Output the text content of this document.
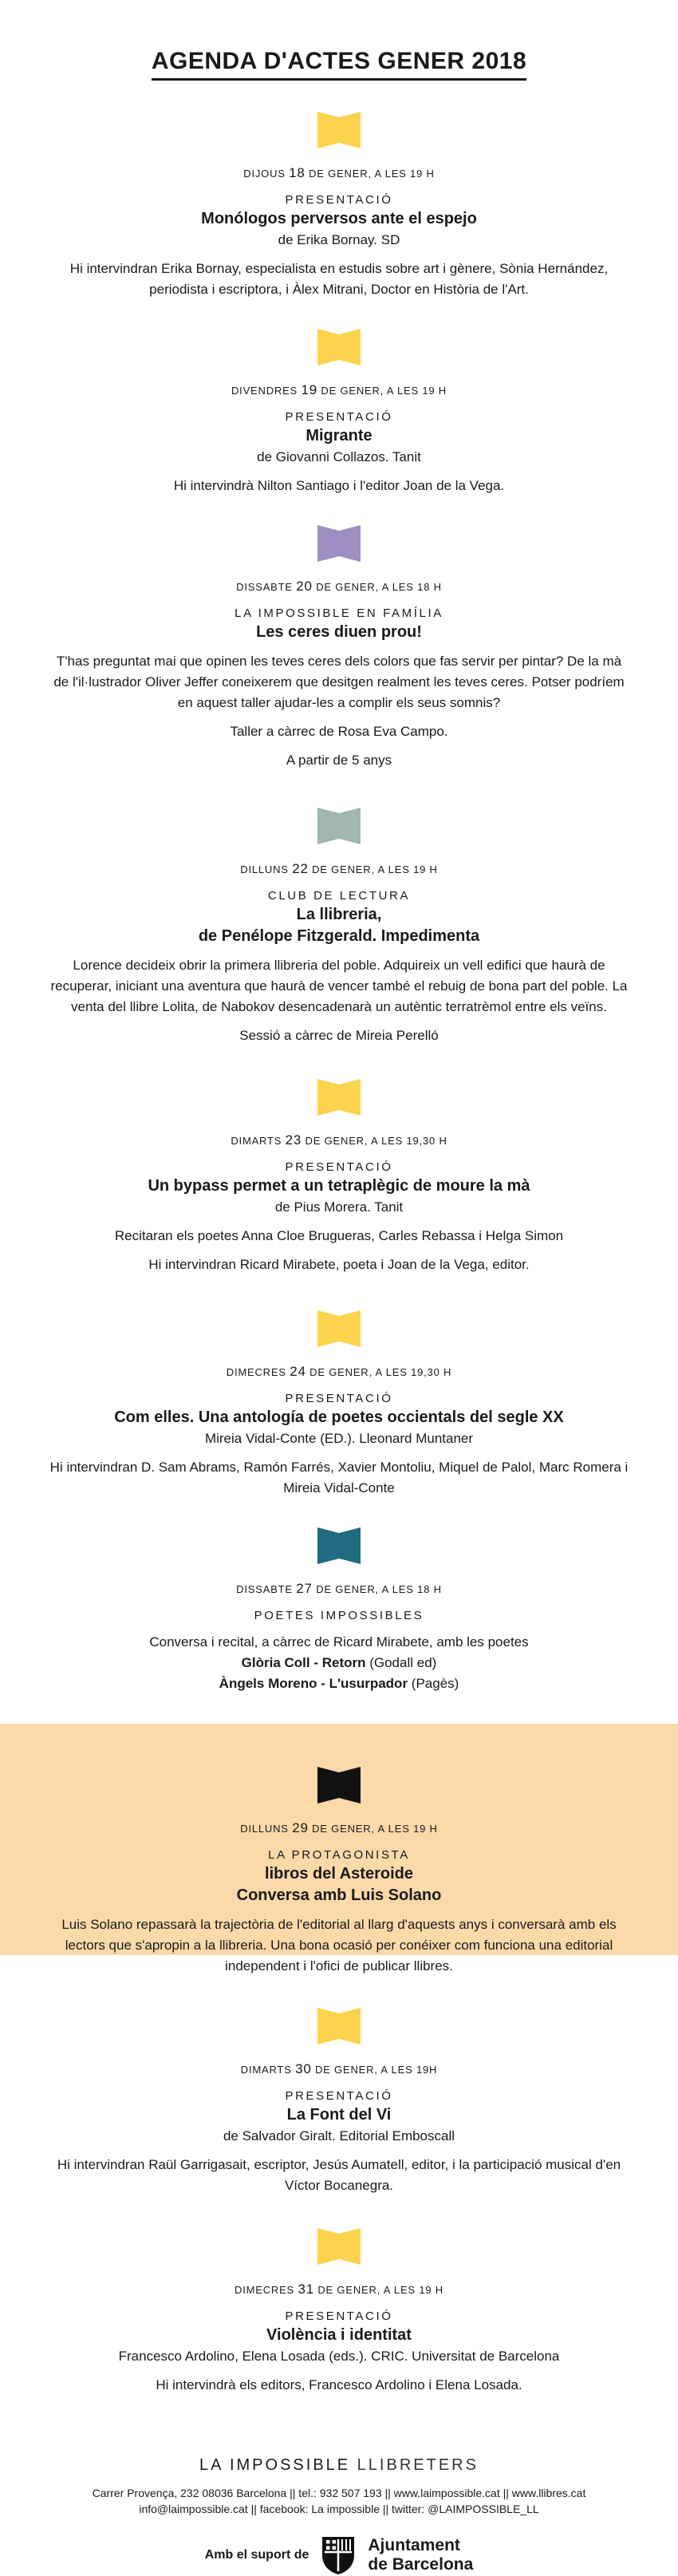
AGENDA D'ACTES GENER 2018
DIJOUS 18 DE GENER, A LES 19 H
PRESENTACIÓ
Monólogos perversos ante el espejo
de Erika Bornay. SD
Hi intervindran Erika Bornay, especialista en estudis sobre art i gènere, Sònia Hernández, periodista i escriptora, i Àlex Mitrani, Doctor en Història de l'Art.
DIVENDRES 19 DE GENER, A LES 19 H
PRESENTACIÓ
Migrante
de Giovanni Collazos. Tanit
Hi intervindrà Nilton Santiago i l'editor Joan de la Vega.
DISSABTE 20 DE GENER, A LES 18 H
LA IMPOSSIBLE EN FAMÍLIA
Les ceres diuen prou!
T'has preguntat mai que opinen les teves ceres dels colors que fas servir per pintar? De la mà de l'il·lustrador Oliver Jeffer coneixerem que desitgen realment les teves ceres. Potser podríem en aquest taller ajudar-les a complir els seus somnis?
Taller a càrrec de Rosa Eva Campo.
A partir de 5 anys
DILLUNS 22 DE GENER, A LES 19 H
CLUB DE LECTURA
La llibreria,
de Penélope Fitzgerald. Impedimenta
Lorence decideix obrir la primera llibreria del poble. Adquireix un vell edifici que haurà de recuperar, iniciant una aventura que haurà de vencer també el rebuig de bona part del poble. La venta del llibre Lolita, de Nabokov desencadenarà un autèntic terratrèmol entre els veïns.
Sessió a càrrec de Mireia Perelló
DIMARTS 23 DE GENER, A LES 19,30 H
PRESENTACIÓ
Un bypass permet a un tetraplègic de moure la mà
de Pius Morera. Tanit
Recitaran els poetes Anna Cloe Brugueras, Carles Rebassa i Helga Simon
Hi intervindran Ricard Mirabete, poeta i Joan de la Vega, editor.
DIMECRES 24 DE GENER, A LES 19,30 H
PRESENTACIÓ
Com elles. Una antología de poetes occientals del segle XX
Mireia Vidal-Conte (ED.). Lleonard Muntaner
Hi intervindran D. Sam Abrams, Ramón Farrés, Xavier Montoliu, Miquel de Palol, Marc Romera i Mireia Vidal-Conte
DISSABTE 27 DE GENER, A LES 18 H
POETES IMPOSSIBLES
Conversa i recital, a càrrec de Ricard Mirabete, amb les poetes
Glòria Coll - Retorn (Godall ed)
Àngels Moreno - L'usurpador (Pagès)
DILLUNS 29 DE GENER, A LES 19 H
LA PROTAGONISTA
libros del Asteroide
Conversa amb Luis Solano
Luis Solano repassarà la trajectòria de l'editorial al llarg d'aquests anys i conversarà amb els lectors que s'apropin a la llibreria. Una bona ocasió per conéixer com funciona una editorial independent i l'ofici de publicar llibres.
DIMARTS 30 DE GENER, A LES 19H
PRESENTACIÓ
La Font del Vi
de Salvador Giralt. Editorial Emboscall
Hi intervindran Raül Garrigasait, escriptor, Jesús Aumatell, editor, i la participació musical d'en Víctor Bocanegra.
DIMECRES 31 DE GENER, A LES 19 H
PRESENTACIÓ
Violència i identitat
Francesco Ardolino, Elena Losada (eds.). CRIC. Universitat de Barcelona
Hi intervindrà els editors, Francesco Ardolino i Elena Losada.
LA IMPOSSIBLE LLIBRETERS
Carrer Provença, 232 08036 Barcelona || tel.: 932 507 193 || www.laimpossible.cat || www.llibres.cat
info@laimpossible.cat || facebook: La impossible || twitter: @LAIMPOSSIBLE_LL
Amb el suport de
Ajuntament
de Barcelona
